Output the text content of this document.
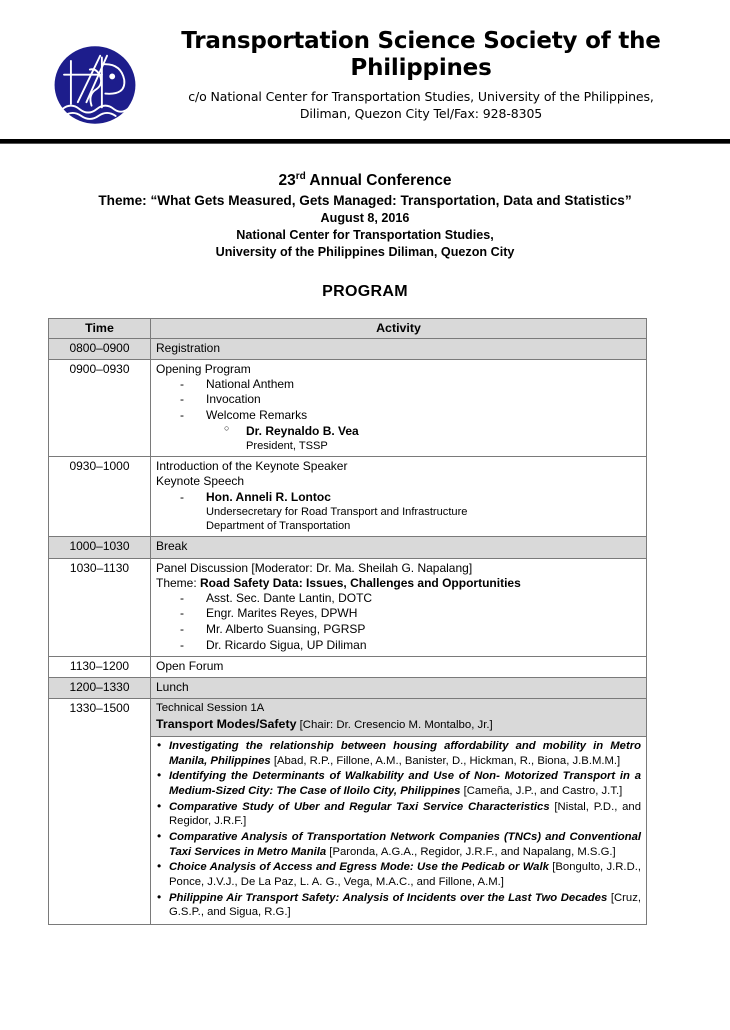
Transportation Science Society of the Philippines
c/o National Center for Transportation Studies, University of the Philippines,
Diliman, Quezon City Tel/Fax: 928-8305
23rd Annual Conference
Theme: “What Gets Measured, Gets Managed: Transportation, Data and Statistics”
August 8, 2016
National Center for Transportation Studies,
University of the Philippines Diliman, Quezon City
PROGRAM
Time	Activity
0800–0900	Registration
0900–0930	Opening Program
- National Anthem
- Invocation
- Welcome Remarks
○ Dr. Reynaldo B. Vea
President, TSSP

0930–1000	Introduction of the Keynote Speaker
Keynote Speech
- Hon. Anneli R. Lontoc
Undersecretary for Road Transport and Infrastructure
Department of Transportation

1000–1030	Break
1030–1130	Panel Discussion [Moderator: Dr. Ma. Sheilah G. Napalang]
Theme: Road Safety Data: Issues, Challenges and Opportunities
- Asst. Sec. Dante Lantin, DOTC
- Engr. Marites Reyes, DPWH
- Mr. Alberto Suansing, PGRSP
- Dr. Ricardo Sigua, UP Diliman

1130–1200	Open Forum
1200–1330	Lunch
1330–1500	Technical Session 1A
Transport Modes/Safety [Chair: Dr. Cresencio M. Montalbo, Jr.]

• Investigating the relationship between housing affordability and mobility in Metro Manila, Philippines [Abad, R.P., Fillone, A.M., Banister, D., Hickman, R., Biona, J.B.M.M.]
• Identifying the Determinants of Walkability and Use of Non- Motorized Transport in a Medium-Sized City: The Case of Iloilo City, Philippines [Cameña, J.P., and Castro, J.T.]
• Comparative Study of Uber and Regular Taxi Service Characteristics [Nistal, P.D., and Regidor, J.R.F.]
• Comparative Analysis of Transportation Network Companies (TNCs) and Conventional Taxi Services in Metro Manila [Paronda, A.G.A., Regidor, J.R.F., and Napalang, M.S.G.]
• Choice Analysis of Access and Egress Mode: Use the Pedicab or Walk [Bongulto, J.R.D., Ponce, J.V.J., De La Paz, L. A. G., Vega, M.A.C., and Fillone, A.M.]
• Philippine Air Transport Safety: Analysis of Incidents over the Last Two Decades [Cruz, G.S.P., and Sigua, R.G.]
